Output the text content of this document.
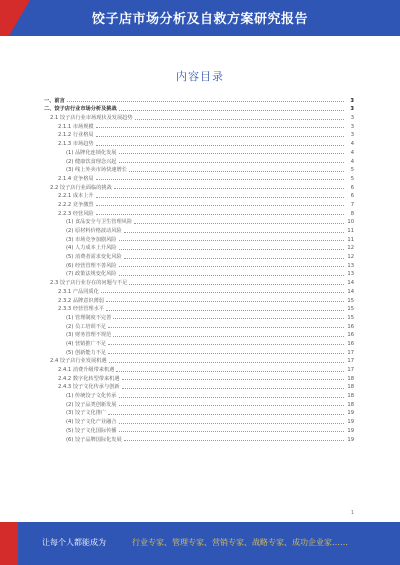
饺子店市场分析及自救方案研究报告
内容目录
一、前言	3
二、饺子店行业市场分析及挑战	3
2.1 饺子店行业市场现状及发展趋势	3
2.1.1 市场规模	3
2.1.2 行业格局	3
2.1.3 市场趋势	4
(1) 品牌化连锁化发展	4
(2) 健康饮食理念兴起	4
(3) 线上外卖市场快速增长	5
2.1.4 竞争格局	5
2.2 饺子店行业面临的挑战	6
2.2.1 成本上升	6
2.2.2 竞争激烈	7
2.2.3 经营风险	8
(1) 食品安全与卫生管理风险	10
(2) 原材料价格波动风险	11
(3) 市场竞争加剧风险	11
(4) 人力成本上升风险	12
(5) 消费者需求变化风险	12
(6) 经营管理不善风险	13
(7) 政策法规变化风险	13
2.3 饺子店行业存在的问题与不足	14
2.3.1 产品同质化	14
2.3.2 品牌意识薄弱	15
2.3.3 经营管理水平	15
(1) 管理制度不完善	15
(2) 员工培训不足	16
(3) 财务管理不规范	16
(4) 营销推广不足	16
(5) 创新能力不足	17
2.4 饺子店行业发展机遇	17
2.4.1 消费升级带来机遇	17
2.4.2 数字化转型带来机遇	18
2.4.3 饺子文化传承与创新	18
(1) 传统饺子文化传承	18
(2) 饺子品类创新发展	18
(3) 饺子文化推广	19
(4) 饺子文化产业融合	19
(5) 饺子文化国际传播	19
(6) 饺子品牌国际化发展	19
1
让每个人都能成为	行业专家、管理专家、营销专家、战略专家、成功企业家……
